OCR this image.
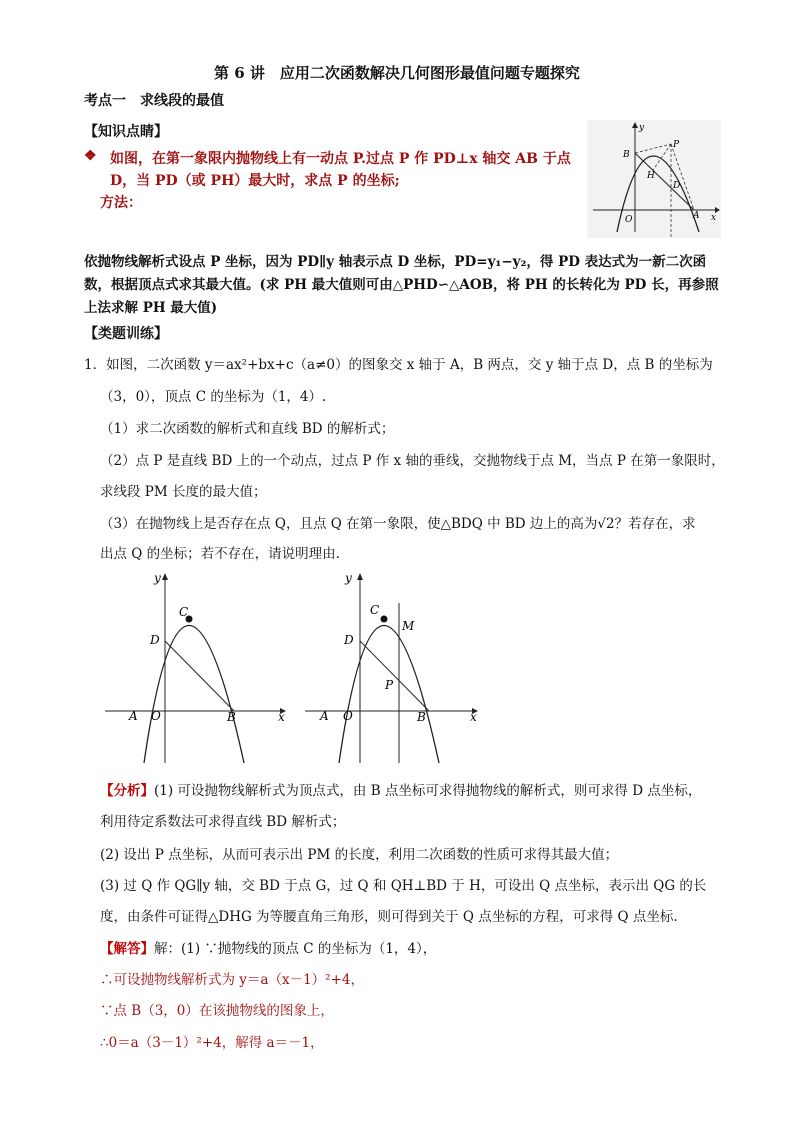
第 6 讲　应用二次函数解决几何图形最值问题专题探究
考点一　求线段的最值
【知识点睛】
❖ 如图，在第一象限内抛物线上有一动点 P.过点 P 作 PD⊥x 轴交 AB 于点
D，当 PD（或 PH）最大时，求点 P 的坐标;
方法：
B
P
H
D
O	A x
y
依抛物线解析式设点 P 坐标，因为 PD∥y 轴表示点 D 坐标，PD=y₁−y₂，得 PD 表达式为一新二次函
数，根据顶点式求其最大值。(求 PH 最大值则可由△PHD∽△AOB，将 PH 的长转化为 PD 长，再参照
上法求解 PH 最大值)
【类题训练】
1．如图，二次函数 y＝ax²+bx+c（a≠0）的图象交 x 轴于 A，B 两点，交 y 轴于点 D，点 B 的坐标为
（3，0），顶点 C 的坐标为（1，4）.
（1）求二次函数的解析式和直线 BD 的解析式；
（2）点 P 是直线 BD 上的一个动点，过点 P 作 x 轴的垂线，交抛物线于点 M，当点 P 在第一象限时，
求线段 PM 长度的最大值；
（3）在抛物线上是否存在点 Q，且点 Q 在第一象限，使△BDQ 中 BD 边上的高为√2？若存在，求
出点 Q 的坐标；若不存在，请说明理由.
C
D
A O	B	x
y
C
M
D
P
A O	B	x
y
【分析】(1) 可设抛物线解析式为顶点式，由 B 点坐标可求得抛物线的解析式，则可求得 D 点坐标，
利用待定系数法可求得直线 BD 解析式；
(2) 设出 P 点坐标，从而可表示出 PM 的长度，利用二次函数的性质可求得其最大值；
(3) 过 Q 作 QG∥y 轴，交 BD 于点 G，过 Q 和 QH⊥BD 于 H，可设出 Q 点坐标，表示出 QG 的长
度，由条件可证得△DHG 为等腰直角三角形，则可得到关于 Q 点坐标的方程，可求得 Q 点坐标.
【解答】解：(1) ∵抛物线的顶点 C 的坐标为（1，4），
∴可设抛物线解析式为 y＝a（x－1）²+4，
∵点 B（3，0）在该抛物线的图象上，
∴0＝a（3－1）²+4，解得 a＝－1，
